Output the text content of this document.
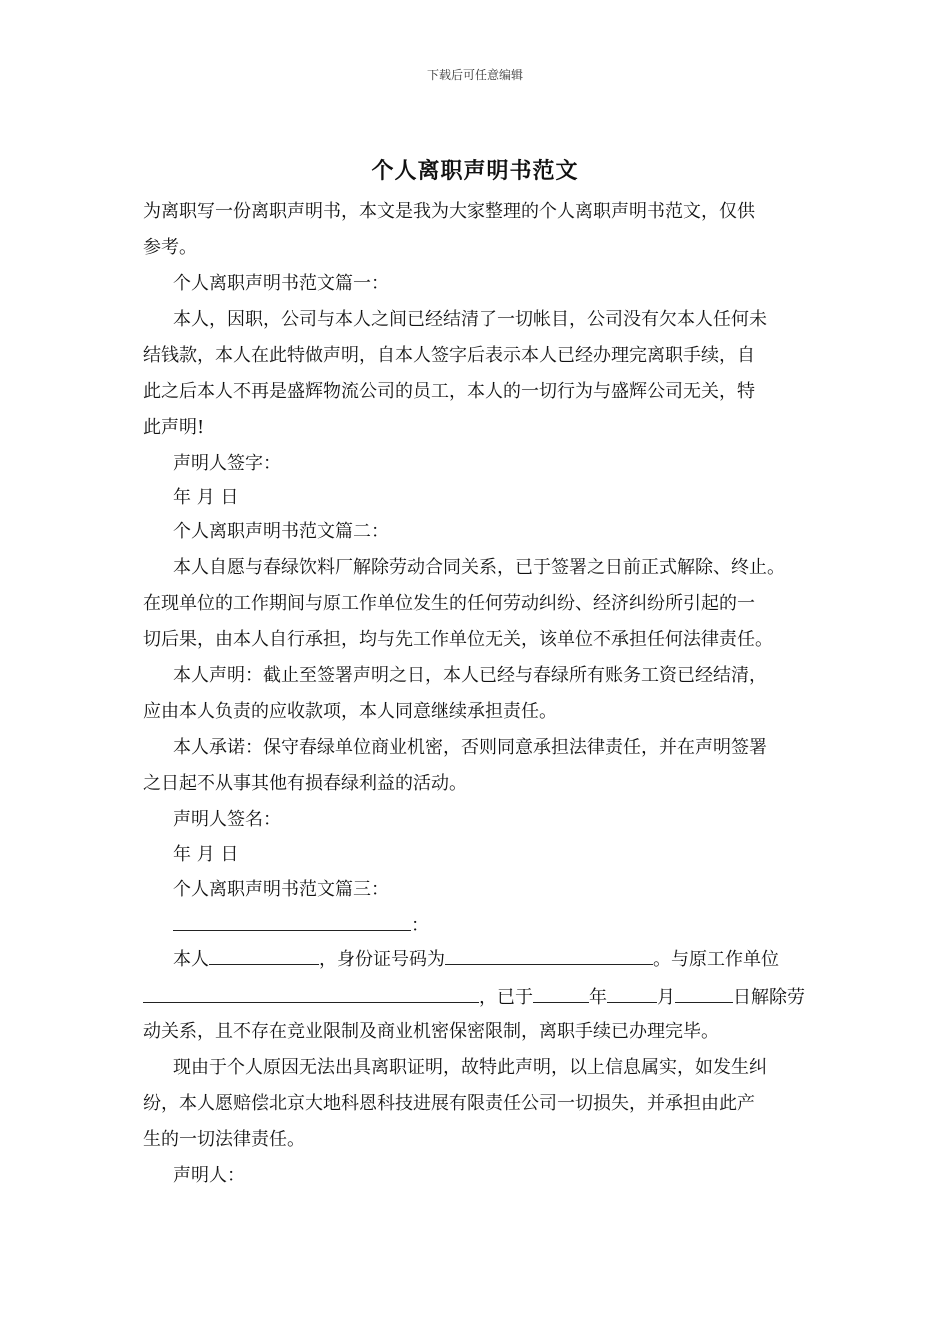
下载后可任意编辑
个人离职声明书范文
为离职写一份离职声明书，本文是我为大家整理的个人离职声明书范文，仅供
参考。
个人离职声明书范文篇一：
本人，因职，公司与本人之间已经结清了一切帐目，公司没有欠本人任何未
结钱款，本人在此特做声明，自本人签字后表示本人已经办理完离职手续，自
此之后本人不再是盛辉物流公司的员工，本人的一切行为与盛辉公司无关，特
此声明!
声明人签字：
年 月 日
个人离职声明书范文篇二：
本人自愿与春绿饮料厂解除劳动合同关系，已于签署之日前正式解除、终止。
在现单位的工作期间与原工作单位发生的任何劳动纠纷、经济纠纷所引起的一
切后果，由本人自行承担，均与先工作单位无关，该单位不承担任何法律责任。
本人声明：截止至签署声明之日，本人已经与春绿所有账务工资已经结清，
应由本人负责的应收款项，本人同意继续承担责任。
本人承诺：保守春绿单位商业机密，否则同意承担法律责任，并在声明签署
之日起不从事其他有损春绿利益的活动。
声明人签名：
年 月 日
个人离职声明书范文篇三：
：
本人	，身份证号码为	。与原工作单位
，已于	年	月	日解除劳
动关系，且不存在竞业限制及商业机密保密限制，离职手续已办理完毕。
现由于个人原因无法出具离职证明，故特此声明，以上信息属实，如发生纠
纷，本人愿赔偿北京大地科恩科技进展有限责任公司一切损失，并承担由此产
生的一切法律责任。
声明人：
